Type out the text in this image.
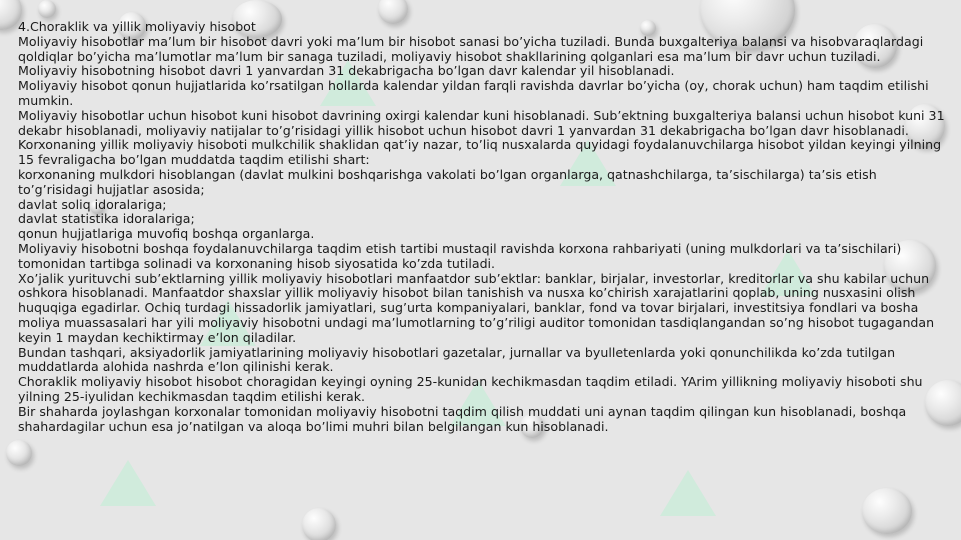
4.Choraklik va yillik moliyaviy hisobot

Moliyaviy hisobotlar ma’lum bir hisobot davri yoki ma’lum bir hisobot sanasi bo’yicha tuziladi. Bunda buxgalteriya balansi va hisobvaraqlardagi qoldiqlar bo’yicha ma’lumotlar ma’lum bir sanaga tuziladi, moliyaviy hisobot shakllarining qolganlari esa ma’lum bir davr uchun tuziladi.

Moliyaviy hisobotning hisobot davri 1 yanvardan 31 dekabrigacha bo’lgan davr kalendar yil hisoblanadi.

Moliyaviy hisobot qonun hujjatlarida ko’rsatilgan hollarda kalendar yildan farqli ravishda davrlar bo’yicha (oy, chorak uchun) ham taqdim etilishi mumkin.

Moliyaviy hisobotlar uchun hisobot kuni hisobot davrining oxirgi kalendar kuni hisoblanadi. Sub’ektning buxgalteriya balansi uchun hisobot kuni 31 dekabr hisoblanadi, moliyaviy natijalar to’g’risidagi yillik hisobot uchun hisobot davri 1 yanvardan 31 dekabrigacha bo’lgan davr hisoblanadi.

Korxonaning yillik moliyaviy hisoboti mulkchilik shaklidan qat’iy nazar, to’liq nusxalarda quyidagi foydalanuvchilarga hisobot yildan keyingi yilning 15 fevraligacha bo’lgan muddatda taqdim etilishi shart:

korxonaning mulkdori hisoblangan (davlat mulkini boshqarishga vakolati bo’lgan organlarga, qatnashchilarga, ta’sischilarga) ta’sis etish to’g’risidagi hujjatlar asosida;

davlat soliq idoralariga;

davlat statistika idoralariga;

qonun hujjatlariga muvofiq boshqa organlarga.

Moliyaviy hisobotni boshqa foydalanuvchilarga taqdim etish tartibi mustaqil ravishda korxona rahbariyati (uning mulkdorlari va ta’sischilari) tomonidan tartibga solinadi va korxonaning hisob siyosatida ko’zda tutiladi.

Xo’jalik yurituvchi sub’ektlarning yillik moliyaviy hisobotlari manfaatdor sub’ektlar: banklar, birjalar, investorlar, kreditorlar va shu kabilar uchun oshkora hisoblanadi. Manfaatdor shaxslar yillik moliyaviy hisobot bilan tanishish va nusxa ko’chirish xarajatlarini qoplab, uning nusxasini olish huquqiga egadirlar. Ochiq turdagi hissadorlik jamiyatlari, sug’urta kompaniyalari, banklar, fond va tovar birjalari, investitsiya fondlari va bosha moliya muassasalari har yili moliyaviy hisobotni undagi ma’lumotlarning to’g’riligi auditor tomonidan tasdiqlangandan so’ng hisobot tugagandan keyin 1 maydan kechiktirmay e’lon qiladilar.

Bundan tashqari, aksiyadorlik jamiyatlarining moliyaviy hisobotlari gazetalar, jurnallar va byulletenlarda yoki qonunchilikda ko’zda tutilgan muddatlarda alohida nashrda e’lon qilinishi kerak.

Choraklik moliyaviy hisobot hisobot choragidan keyingi oyning 25-kunidan kechikmasdan taqdim etiladi. YArim yillikning moliyaviy hisoboti shu yilning 25-iyulidan kechikmasdan taqdim etilishi kerak.

Bir shaharda joylashgan korxonalar tomonidan moliyaviy hisobotni taqdim qilish muddati uni aynan taqdim qilingan kun hisoblanadi, boshqa shahardagilar uchun esa jo’natilgan va aloqa bo’limi muhri bilan belgilangan kun hisoblanadi.
